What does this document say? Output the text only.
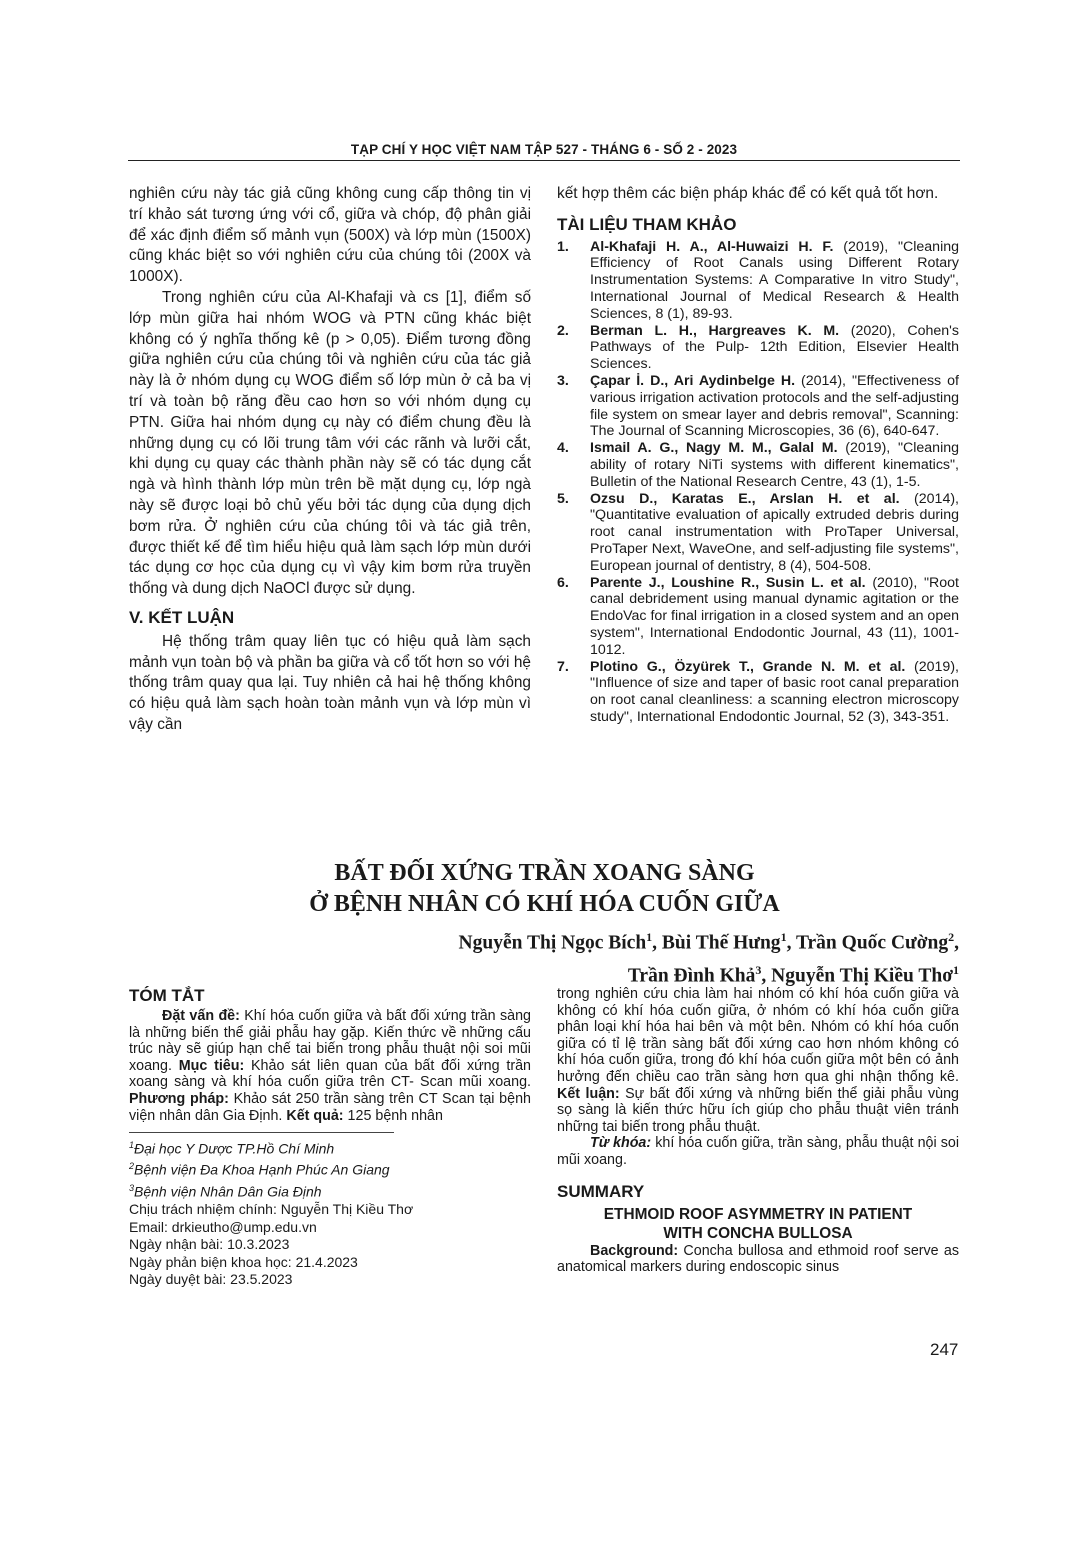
TẠP CHÍ Y HỌC VIỆT NAM TẬP 527 - THÁNG 6 - SỐ 2 - 2023

nghiên cứu này tác giả cũng không cung cấp thông tin vị trí khảo sát tương ứng với cổ, giữa và chóp, độ phân giải để xác định điểm số mảnh vụn (500X) và lớp mùn (1500X) cũng khác biệt so với nghiên cứu của chúng tôi (200X và 1000X).

Trong nghiên cứu của Al-Khafaji và cs [1], điểm số lớp mùn giữa hai nhóm WOG và PTN cũng khác biệt không có ý nghĩa thống kê (p > 0,05). Điểm tương đồng giữa nghiên cứu của chúng tôi và nghiên cứu của tác giả này là ở nhóm dụng cụ WOG điểm số lớp mùn ở cả ba vị trí và toàn bộ răng đều cao hơn so với nhóm dụng cụ PTN. Giữa hai nhóm dụng cụ này có điểm chung đều là những dụng cụ có lõi trung tâm với các rãnh và lưỡi cắt, khi dụng cụ quay các thành phần này sẽ có tác dụng cắt ngà và hình thành lớp mùn trên bề mặt dụng cụ, lớp ngà này sẽ được loại bỏ chủ yếu bởi tác dụng của dụng dịch bơm rửa. Ở nghiên cứu của chúng tôi và tác giả trên, được thiết kế để tìm hiểu hiệu quả làm sạch lớp mùn dưới tác dụng cơ học của dụng cụ vì vậy kim bơm rửa truyền thống và dung dịch NaOCl được sử dụng.

V. KẾT LUẬN

Hệ thống trâm quay liên tục có hiệu quả làm sạch mảnh vụn toàn bộ và phần ba giữa và cổ tốt hơn so với hệ thống trâm quay qua lại. Tuy nhiên cả hai hệ thống không có hiệu quả làm sạch hoàn toàn mảnh vụn và lớp mùn vì vậy cần

kết hợp thêm các biện pháp khác để có kết quả tốt hơn.

TÀI LIỆU THAM KHẢO
1.	Al-Khafaji H. A., Al-Huwaizi H. F. (2019), "Cleaning Efficiency of Root Canals using Different Rotary Instrumentation Systems: A Comparative In vitro Study", International Journal of Medical Research & Health Sciences, 8 (1), 89-93.
2.	Berman L. H., Hargreaves K. M. (2020), Cohen's Pathways of the Pulp- 12th Edition, Elsevier Health Sciences.
3.	Çapar İ. D., Ari Aydinbelge H. (2014), "Effectiveness of various irrigation activation protocols and the self-adjusting file system on smear layer and debris removal", Scanning: The Journal of Scanning Microscopies, 36 (6), 640-647.
4.	Ismail A. G., Nagy M. M., Galal M. (2019), "Cleaning ability of rotary NiTi systems with different kinematics", Bulletin of the National Research Centre, 43 (1), 1-5.
5.	Ozsu D., Karatas E., Arslan H. et al. (2014), "Quantitative evaluation of apically extruded debris during root canal instrumentation with ProTaper Universal, ProTaper Next, WaveOne, and self-adjusting file systems", European journal of dentistry, 8 (4), 504-508.
6.	Parente J., Loushine R., Susin L. et al. (2010), "Root canal debridement using manual dynamic agitation or the EndoVac for final irrigation in a closed system and an open system", International Endodontic Journal, 43 (11), 1001-1012.
7.	Plotino G., Özyürek T., Grande N. M. et al. (2019), "Influence of size and taper of basic root canal preparation on root canal cleanliness: a scanning electron microscopy study", International Endodontic Journal, 52 (3), 343-351.
BẤT ĐỐI XỨNG TRẦN XOANG SÀNG
Ở BỆNH NHÂN CÓ KHÍ HÓA CUỐN GIỮA
Nguyễn Thị Ngọc Bích$^1$, Bùi Thế Hưng$^1$, Trần Quốc Cường$^2$,
Trần Đình Khả$^3$, Nguyễn Thị Kiều Thơ$^1$
TÓM TẮT

Đặt vấn đề: Khí hóa cuốn giữa và bất đối xứng trần sàng là những biến thể giải phẫu hay gặp. Kiến thức về những cấu trúc này sẽ giúp hạn chế tai biến trong phẫu thuật nội soi mũi xoang. Mục tiêu: Khảo sát liên quan của bất đối xứng trần xoang sàng và khí hóa cuốn giữa trên CT- Scan mũi xoang. Phương pháp: Khảo sát 250 trần sàng trên CT Scan tại bệnh viện nhân dân Gia Định. Kết quả: 125 bệnh nhân

$^1$Đại học Y Dược TP.Hồ Chí Minh
$^2$Bệnh viện Đa Khoa Hạnh Phúc An Giang
$^3$Bệnh viện Nhân Dân Gia Định
Chịu trách nhiệm chính: Nguyễn Thị Kiều Thơ
Email: drkieutho@ump.edu.vn
Ngày nhận bài: 10.3.2023
Ngày phản biện khoa học: 21.4.2023
Ngày duyệt bài: 23.5.2023

trong nghiên cứu chia làm hai nhóm có khí hóa cuốn giữa và không có khí hóa cuốn giữa, ở nhóm có khí hóa cuốn giữa phân loại khí hóa hai bên và một bên. Nhóm có khí hóa cuốn giữa có tỉ lệ trần sàng bất đối xứng cao hơn nhóm không có khí hóa cuốn giữa, trong đó khí hóa cuốn giữa một bên có ảnh hưởng đến chiều cao trần sàng hơn qua ghi nhận thống kê. Kết luận: Sự bất đối xứng và những biến thể giải phẫu vùng sọ sàng là kiến thức hữu ích giúp cho phẫu thuật viên tránh những tai biến trong phẫu thuật.

Từ khóa: khí hóa cuốn giữa, trần sàng, phẫu thuật nội soi mũi xoang.

SUMMARY
ETHMOID ROOF ASYMMETRY IN PATIENT
WITH CONCHA BULLOSA

Background: Concha bullosa and ethmoid roof serve as anatomical markers during endoscopic sinus

247
